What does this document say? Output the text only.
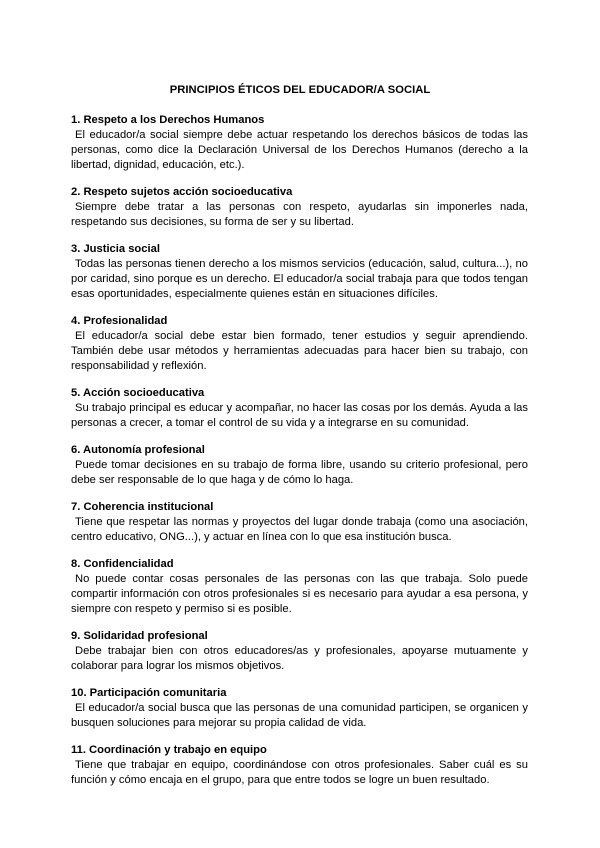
PRINCIPIOS ÉTICOS DEL EDUCADOR/A SOCIAL

1. Respeto a los Derechos Humanos

El educador/a social siempre debe actuar respetando los derechos básicos de todas las personas, como dice la Declaración Universal de los Derechos Humanos (derecho a la libertad, dignidad, educación, etc.).

2. Respeto sujetos acción socioeducativa

Siempre debe tratar a las personas con respeto, ayudarlas sin imponerles nada, respetando sus decisiones, su forma de ser y su libertad.

3. Justicia social

Todas las personas tienen derecho a los mismos servicios (educación, salud, cultura...), no por caridad, sino porque es un derecho. El educador/a social trabaja para que todos tengan esas oportunidades, especialmente quienes están en situaciones difíciles.

4. Profesionalidad

El educador/a social debe estar bien formado, tener estudios y seguir aprendiendo. También debe usar métodos y herramientas adecuadas para hacer bien su trabajo, con responsabilidad y reflexión.

5. Acción socioeducativa

Su trabajo principal es educar y acompañar, no hacer las cosas por los demás. Ayuda a las personas a crecer, a tomar el control de su vida y a integrarse en su comunidad.

6. Autonomía profesional

Puede tomar decisiones en su trabajo de forma libre, usando su criterio profesional, pero debe ser responsable de lo que haga y de cómo lo haga.

7. Coherencia institucional

Tiene que respetar las normas y proyectos del lugar donde trabaja (como una asociación, centro educativo, ONG...), y actuar en línea con lo que esa institución busca.

8. Confidencialidad

No puede contar cosas personales de las personas con las que trabaja. Solo puede compartir información con otros profesionales si es necesario para ayudar a esa persona, y siempre con respeto y permiso si es posible.

9. Solidaridad profesional

Debe trabajar bien con otros educadores/as y profesionales, apoyarse mutuamente y colaborar para lograr los mismos objetivos.

10. Participación comunitaria

El educador/a social busca que las personas de una comunidad participen, se organicen y busquen soluciones para mejorar su propia calidad de vida.

11. Coordinación y trabajo en equipo

Tiene que trabajar en equipo, coordinándose con otros profesionales. Saber cuál es su función y cómo encaja en el grupo, para que entre todos se logre un buen resultado.
